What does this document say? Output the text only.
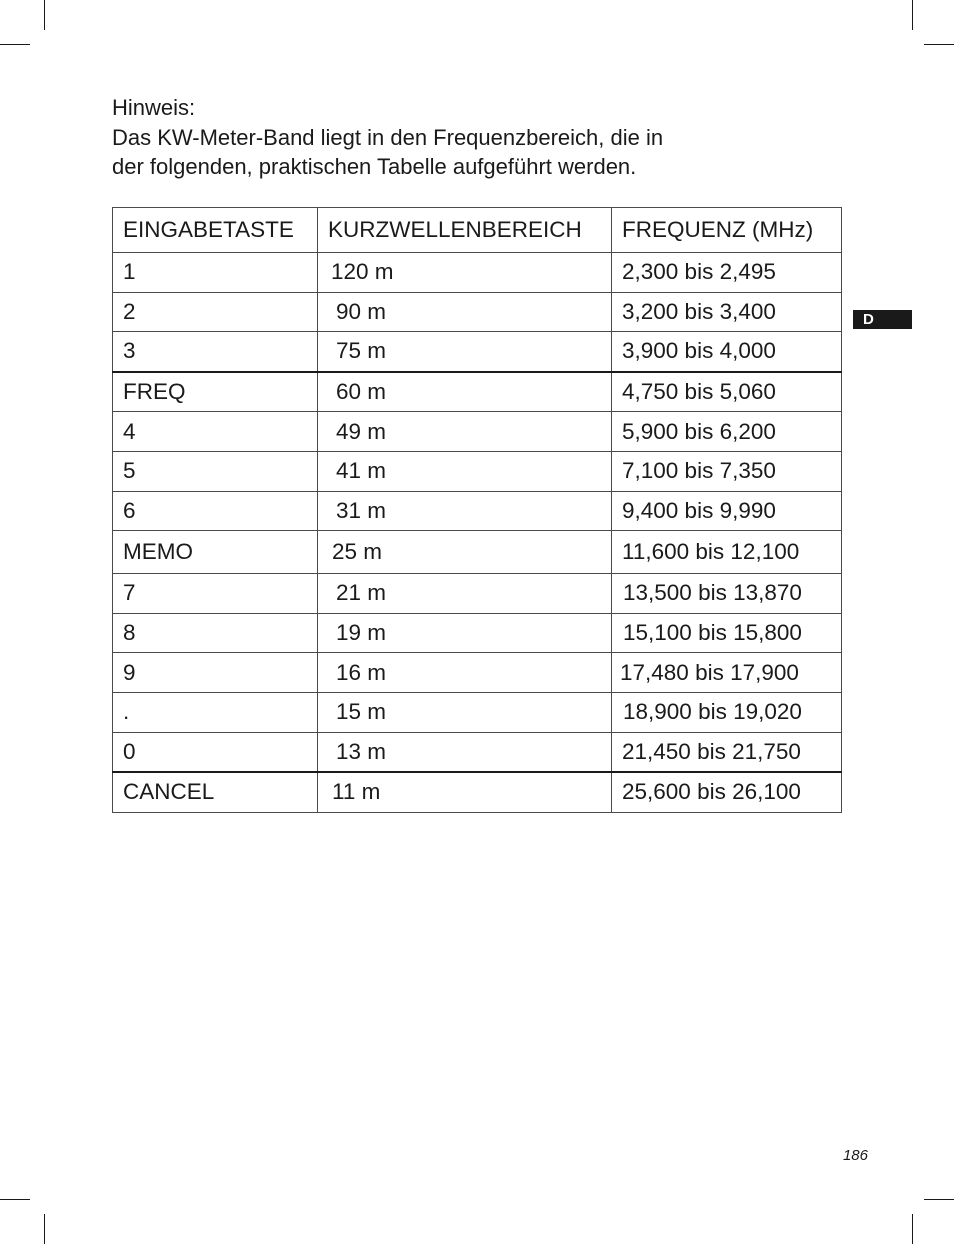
Hinweis:
Das KW-Meter-Band liegt in den Frequenzbereich, die in
der folgenden, praktischen Tabelle aufgeführt werden.
EINGABETASTE	KURZWELLENBEREICH	FREQUENZ (MHz)
1	120 m	2,300 bis 2,495
2	90 m	3,200 bis 3,400
3	75 m	3,900 bis 4,000
FREQ	60 m	4,750 bis 5,060
4	49 m	5,900 bis 6,200
5	41 m	7,100 bis 7,350
6	31 m	9,400 bis 9,990
MEMO	25 m	11,600 bis 12,100
7	21 m	13,500 bis 13,870
8	19 m	15,100 bis 15,800
9	16 m	17,480 bis 17,900
.	15 m	18,900 bis 19,020
0	13 m	21,450 bis 21,750
CANCEL	11 m	25,600 bis 26,100
D
186
